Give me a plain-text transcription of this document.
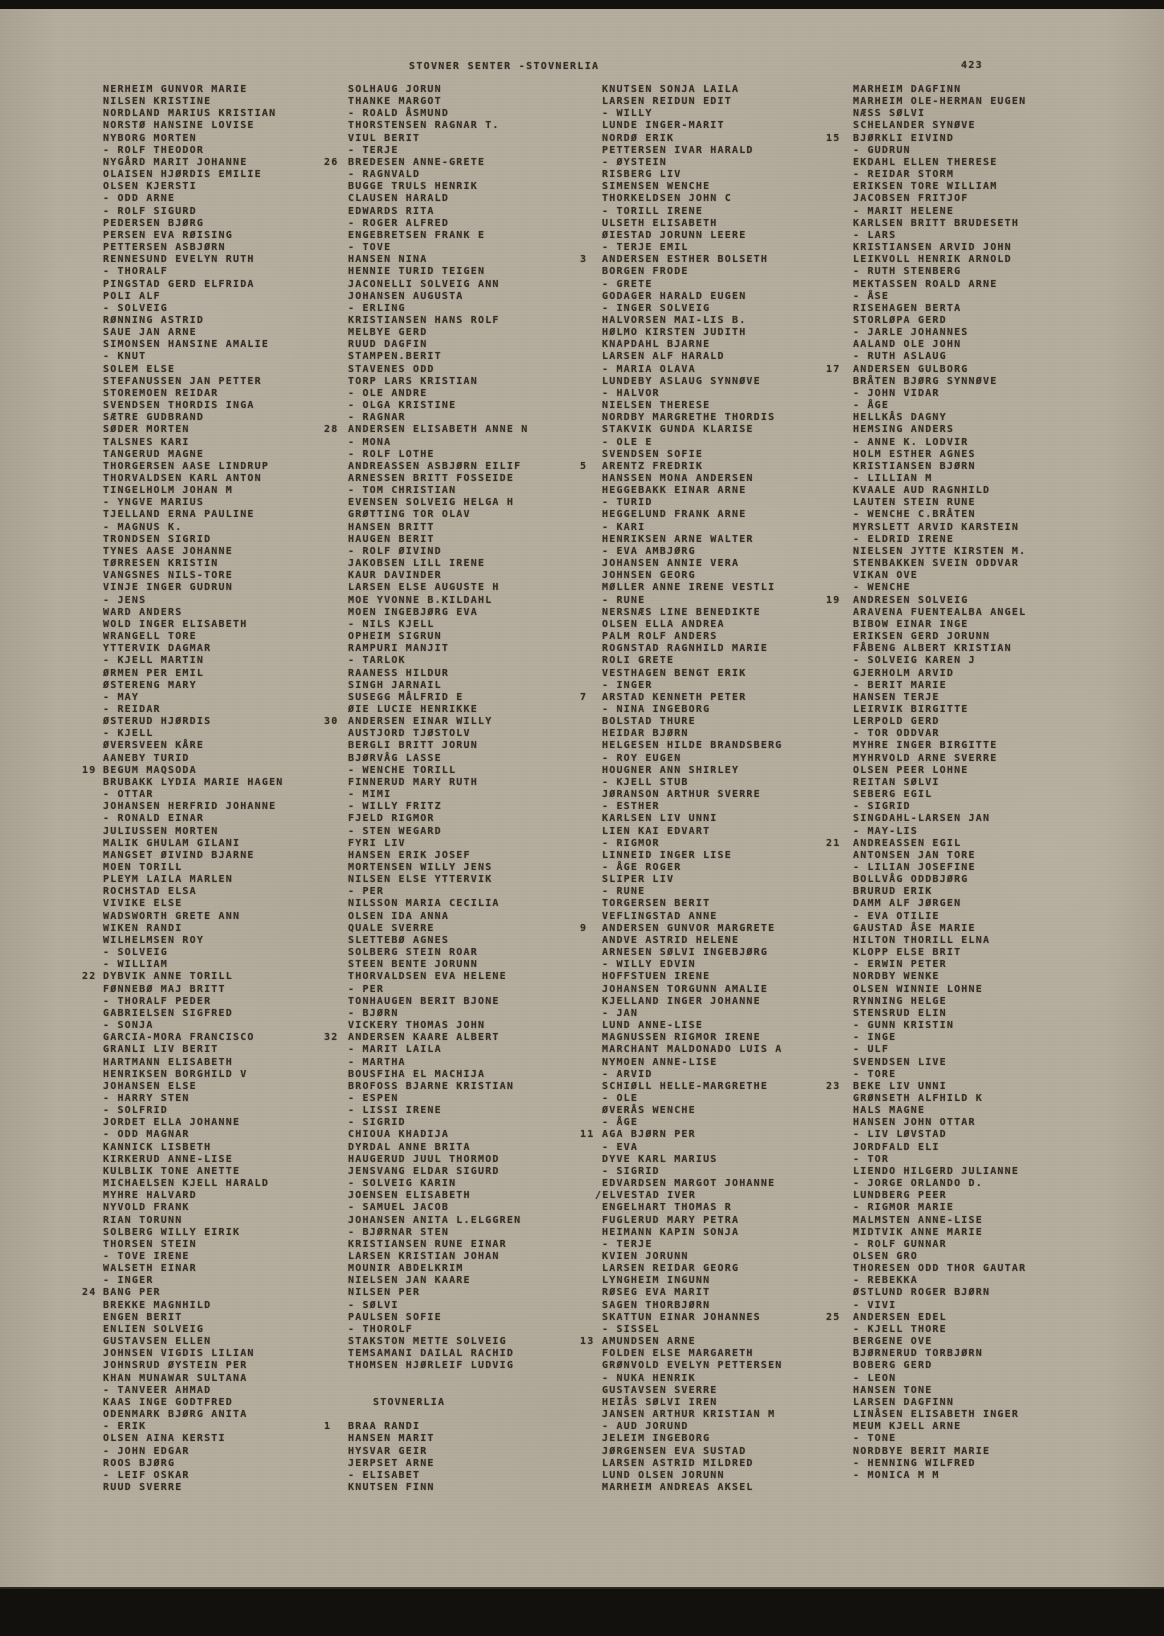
STOVNER SENTER -STOVNERLIA	423
NERHEIM GUNVOR MARIE
NILSEN KRISTINE
NORDLAND MARIUS KRISTIAN
NORSTØ HANSINE LOVISE
NYBORG MORTEN
- ROLF THEODOR
NYGÅRD MARIT JOHANNE
OLAISEN HJØRDIS EMILIE
OLSEN KJERSTI
- ODD ARNE
- ROLF SIGURD
PEDERSEN BJØRG
PERSEN EVA RØISING
PETTERSEN ASBJØRN
RENNESUND EVELYN RUTH
- THORALF
PINGSTAD GERD ELFRIDA
POLI ALF
- SOLVEIG
RØNNING ASTRID
SAUE JAN ARNE
SIMONSEN HANSINE AMALIE
- KNUT
SOLEM ELSE
STEFANUSSEN JAN PETTER
STOREMOEN REIDAR
SVENDSEN THORDIS INGA
SÆTRE GUDBRAND
SØDER MORTEN
TALSNES KARI
TANGERUD MAGNE
THORGERSEN AASE LINDRUP
THORVALDSEN KARL ANTON
TINGELHOLM JOHAN M
- YNGVE MARIUS
TJELLAND ERNA PAULINE
- MAGNUS K.
TRONDSEN SIGRID
TYNES AASE JOHANNE
TØRRESEN KRISTIN
VANGSNES NILS-TORE
VINJE INGER GUDRUN
- JENS
WARD ANDERS
WOLD INGER ELISABETH
WRANGELL TORE
YTTERVIK DAGMAR
- KJELL MARTIN
ØRMEN PER EMIL
ØSTERENG MARY
- MAY
- REIDAR
ØSTERUD HJØRDIS
- KJELL
ØVERSVEEN KÅRE
AANEBY TURID
19 BEGUM MAQSODA
BRUBAKK LYDIA MARIE HAGEN
- OTTAR
JOHANSEN HERFRID JOHANNE
- RONALD EINAR
JULIUSSEN MORTEN
MALIK GHULAM GILANI
MANGSET ØIVIND BJARNE
MOEN TORILL
PLEYM LAILA MARLEN
ROCHSTAD ELSA
VIVIKE ELSE
WADSWORTH GRETE ANN
WIKEN RANDI
WILHELMSEN ROY
- SOLVEIG
- WILLIAM
22 DYBVIK ANNE TORILL
FØNNEBØ MAJ BRITT
- THORALF PEDER
GABRIELSEN SIGFRED
- SONJA
GARCIA-MORA FRANCISCO
GRANLI LIV BERIT
HARTMANN ELISABETH
HENRIKSEN BORGHILD V
JOHANSEN ELSE
- HARRY STEN
- SOLFRID
JORDET ELLA JOHANNE
- ODD MAGNAR
KANNICK LISBETH
KIRKERUD ANNE-LISE
KULBLIK TONE ANETTE
MICHAELSEN KJELL HARALD
MYHRE HALVARD
NYVOLD FRANK
RIAN TORUNN
SOLBERG WILLY EIRIK
THORSEN STEIN
- TOVE IRENE
WALSETH EINAR
- INGER
24 BANG PER
BREKKE MAGNHILD
ENGEN BERIT
ENLIEN SOLVEIG
GUSTAVSEN ELLEN
JOHNSEN VIGDIS LILIAN
JOHNSRUD ØYSTEIN PER
KHAN MUNAWAR SULTANA
- TANVEER AHMAD
KAAS INGE GODTFRED
ODENMARK BJØRG ANITA
- ERIK
OLSEN AINA KERSTI
- JOHN EDGAR
ROOS BJØRG
- LEIF OSKAR
RUUD SVERRE
SOLHAUG JORUN
THANKE MARGOT
- ROALD ÅSMUND
THORSTENSEN RAGNAR T.
VIUL BERIT
- TERJE
26 BREDESEN ANNE-GRETE
- RAGNVALD
BUGGE TRULS HENRIK
CLAUSEN HARALD
EDWARDS RITA
- ROGER ALFRED
ENGEBRETSEN FRANK E
- TOVE
HANSEN NINA
HENNIE TURID TEIGEN
JACONELLI SOLVEIG ANN
JOHANSEN AUGUSTA
- ERLING
KRISTIANSEN HANS ROLF
MELBYE GERD
RUUD DAGFIN
STAMPEN.BERIT
STAVENES ODD
TORP LARS KRISTIAN
- OLE ANDRE
- OLGA KRISTINE
- RAGNAR
28 ANDERSEN ELISABETH ANNE N
- MONA
- ROLF LOTHE
ANDREASSEN ASBJØRN EILIF
ARNESSEN BRITT FOSSEIDE
- TOM CHRISTIAN
EVENSEN SOLVEIG HELGA H
GRØTTING TOR OLAV
HANSEN BRITT
HAUGEN BERIT
- ROLF ØIVIND
JAKOBSEN LILL IRENE
KAUR DAVINDER
LARSEN ELSE AUGUSTE H
MOE YVONNE B.KILDAHL
MOEN INGEBJØRG EVA
- NILS KJELL
OPHEIM SIGRUN
RAMPURI MANJIT
- TARLOK
RAANESS HILDUR
SINGH JARNAIL
SUSEGG MÅLFRID E
ØIE LUCIE HENRIKKE
30 ANDERSEN EINAR WILLY
AUSTJORD TJØSTOLV
BERGLI BRITT JORUN
BJØRVÅG LASSE
- WENCHE TORILL
FINNERUD MARY RUTH
- MIMI
- WILLY FRITZ
FJELD RIGMOR
- STEN WEGARD
FYRI LIV
HANSEN ERIK JOSEF
MORTENSEN WILLY JENS
NILSEN ELSE YTTERVIK
- PER
NILSSON MARIA CECILIA
OLSEN IDA ANNA
QUALE SVERRE
SLETTEBØ AGNES
SOLBERG STEIN ROAR
STEEN BENTE JORUNN
THORVALDSEN EVA HELENE
- PER
TONHAUGEN BERIT BJONE
- BJØRN
VICKERY THOMAS JOHN
32 ANDERSEN KAARE ALBERT
- MARIT LAILA
- MARTHA
BOUSFIHA EL MACHIJA
BROFOSS BJARNE KRISTIAN
- ESPEN
- LISSI IRENE
- SIGRID
CHIOUA KHADIJA
DYRDAL ANNE BRITA
HAUGERUD JUUL THORMOD
JENSVANG ELDAR SIGURD
- SOLVEIG KARIN
JOENSEN ELISABETH
- SAMUEL JACOB
JOHANSEN ANITA L.ELGGREN
- BJØRNAR STEN
KRISTIANSEN RUNE EINAR
LARSEN KRISTIAN JOHAN
MOUNIR ABDELKRIM
NIELSEN JAN KAARE
NILSEN PER
- SØLVI
PAULSEN SOFIE
- THOROLF
STAKSTON METTE SOLVEIG
TEMSAMANI DAILAL RACHID
THOMSEN HJØRLEIF LUDVIG
STOVNERLIA
1	BRAA RANDI
HANSEN MARIT
HYSVAR GEIR
JERPSET ARNE
- ELISABET
KNUTSEN FINN
KNUTSEN SONJA LAILA
LARSEN REIDUN EDIT
- WILLY
LUNDE INGER-MARIT
NORDØ ERIK
PETTERSEN IVAR HARALD
- ØYSTEIN
RISBERG LIV
SIMENSEN WENCHE
THORKELDSEN JOHN C
- TORILL IRENE
ULSETH ELISABETH
ØIESTAD JORUNN LEERE
- TERJE EMIL
3	ANDERSEN ESTHER BOLSETH
BORGEN FRODE
- GRETE
GODAGER HARALD EUGEN
- INGER SOLVEIG
HALVORSEN MAI-LIS B.
HØLMO KIRSTEN JUDITH
KNAPDAHL BJARNE
LARSEN ALF HARALD
- MARIA OLAVA
LUNDEBY ASLAUG SYNNØVE
- HALVOR
NIELSEN THERESE
NORDBY MARGRETHE THORDIS
STAKVIK GUNDA KLARISE
- OLE E
SVENDSEN SOFIE
5	ARENTZ FREDRIK
HANSSEN MONA ANDERSEN
HEGGEBAKK EINAR ARNE
- TURID
HEGGELUND FRANK ARNE
- KARI
HENRIKSEN ARNE WALTER
- EVA AMBJØRG
JOHANSEN ANNIE VERA
JOHNSEN GEORG
MØLLER ANNE IRENE VESTLI
- RUNE
NERSNÆS LINE BENEDIKTE
OLSEN ELLA ANDREA
PALM ROLF ANDERS
ROGNSTAD RAGNHILD MARIE
ROLI GRETE
VESTHAGEN BENGT ERIK
- INGER
7	ARSTAD KENNETH PETER
- NINA INGEBORG
BOLSTAD THURE
HEIDAR BJØRN
HELGESEN HILDE BRANDSBERG
- ROY EUGEN
HOUGNER ANN SHIRLEY
- KJELL STUB
JØRANSON ARTHUR SVERRE
- ESTHER
KARLSEN LIV UNNI
LIEN KAI EDVART
- RIGMOR
LINNEID INGER LISE
- ÅGE ROGER
SLIPER LIV
- RUNE
TORGERSEN BERIT
VEFLINGSTAD ANNE
9	ANDERSEN GUNVOR MARGRETE
ANDVE ASTRID HELENE
ARNESEN SØLVI INGEBJØRG
- WILLY EDVIN
HOFFSTUEN IRENE
JOHANSEN TORGUNN AMALIE
KJELLAND INGER JOHANNE
- JAN
LUND ANNE-LISE
MAGNUSSEN RIGMOR IRENE
MARCHANT MALDONADO LUIS A
NYMOEN ANNE-LISE
- ARVID
SCHIØLL HELLE-MARGRETHE
- OLE
ØVERÅS WENCHE
- ÅGE
11 AGA BJØRN PER
- EVA
DYVE KARL MARIUS
- SIGRID
EDVARDSEN MARGOT JOHANNE
/ELVESTAD IVER
ENGELHART THOMAS R
FUGLERUD MARY PETRA
HEIMANN KAPIN SONJA
- TERJE
KVIEN JORUNN
LARSEN REIDAR GEORG
LYNGHEIM INGUNN
RØSEG EVA MARIT
SAGEN THORBJØRN
SKATTUN EINAR JOHANNES
- SISSEL
13 AMUNDSEN ARNE
FOLDEN ELSE MARGARETH
GRØNVOLD EVELYN PETTERSEN
- NUKA HENRIK
GUSTAVSEN SVERRE
HEIÅS SØLVI IREN
JANSEN ARTHUR KRISTIAN M
- AUD JORUND
JELEIM INGEBORG
JØRGENSEN EVA SUSTAD
LARSEN ASTRID MILDRED
LUND OLSEN JORUNN
MARHEIM ANDREAS AKSEL
MARHEIM DAGFINN
MARHEIM OLE-HERMAN EUGEN
NÆSS SØLVI
SCHELANDER SYNØVE
15	BJØRKLI EIVIND
- GUDRUN
EKDAHL ELLEN THERESE
- REIDAR STORM
ERIKSEN TORE WILLIAM
JACOBSEN FRITJOF
- MARIT HELENE
KARLSEN BRITT BRUDESETH
- LARS
KRISTIANSEN ARVID JOHN
LEIKVOLL HENRIK ARNOLD
- RUTH STENBERG
MEKTASSEN ROALD ARNE
- ÅSE
RISEHAGEN BERTA
STORLØPA GERD
- JARLE JOHANNES
AALAND OLE JOHN
- RUTH ASLAUG
17	ANDERSEN GULBORG
BRÅTEN BJØRG SYNNØVE
- JOHN VIDAR
- ÅGE
HELLKÅS DAGNY
HEMSING ANDERS
- ANNE K. LODVIR
HOLM ESTHER AGNES
KRISTIANSEN BJØRN
- LILLIAN M
KVAALE AUD RAGNHILD
LAUTEN STEIN RUNE
- WENCHE C.BRÅTEN
MYRSLETT ARVID KARSTEIN
- ELDRID IRENE
NIELSEN JYTTE KIRSTEN M.
STENBAKKEN SVEIN ODDVAR
VIKAN OVE
- WENCHE
19	ANDRESEN SOLVEIG
ARAVENA FUENTEALBA ANGEL
BIBOW EINAR INGE
ERIKSEN GERD JORUNN
FÅBENG ALBERT KRISTIAN
- SOLVEIG KAREN J
GJERHOLM ARVID
- BERIT MARIE
HANSEN TERJE
LEIRVIK BIRGITTE
LERPOLD GERD
- TOR ODDVAR
MYHRE INGER BIRGITTE
MYHRVOLD ARNE SVERRE
OLSEN PEER LOHNE
REITAN SØLVI
SEBERG EGIL
- SIGRID
SINGDAHL-LARSEN JAN
- MAY-LIS
21	ANDREASSEN EGIL
ANTONSEN JAN TORE
- LILIAN JOSEFINE
BOLLVÅG ODDBJØRG
BRURUD ERIK
DAMM ALF JØRGEN
- EVA OTILIE
GAUSTAD ÅSE MARIE
HILTON THORILL ELNA
KLOPP ELSE BRIT
- ERWIN PETER
NORDBY WENKE
OLSEN WINNIE LOHNE
RYNNING HELGE
STENSRUD ELIN
- GUNN KRISTIN
- INGE
- ULF
SVENDSEN LIVE
- TORE
23	BEKE LIV UNNI
GRØNSETH ALFHILD K
HALS MAGNE
HANSEN JOHN OTTAR
- LIV LØVSTAD
JORDFALD ELI
- TOR
LIENDO HILGERD JULIANNE
- JORGE ORLANDO D.
LUNDBERG PEER
- RIGMOR MARIE
MALMSTEN ANNE-LISE
MIDTVIK ANNE MARIE
- ROLF GUNNAR
OLSEN GRO
THORESEN ODD THOR GAUTAR
- REBEKKA
ØSTLUND ROGER BJØRN
- VIVI
25	ANDERSEN EDEL
- KJELL THORE
BERGENE OVE
BJØRNERUD TORBJØRN
BOBERG GERD
- LEON
HANSEN TONE
LARSEN DAGFINN
LINÅSEN ELISABETH INGER
MEUM KJELL ARNE
- TONE
NORDBYE BERIT MARIE
- HENNING WILFRED
- MONICA M M
